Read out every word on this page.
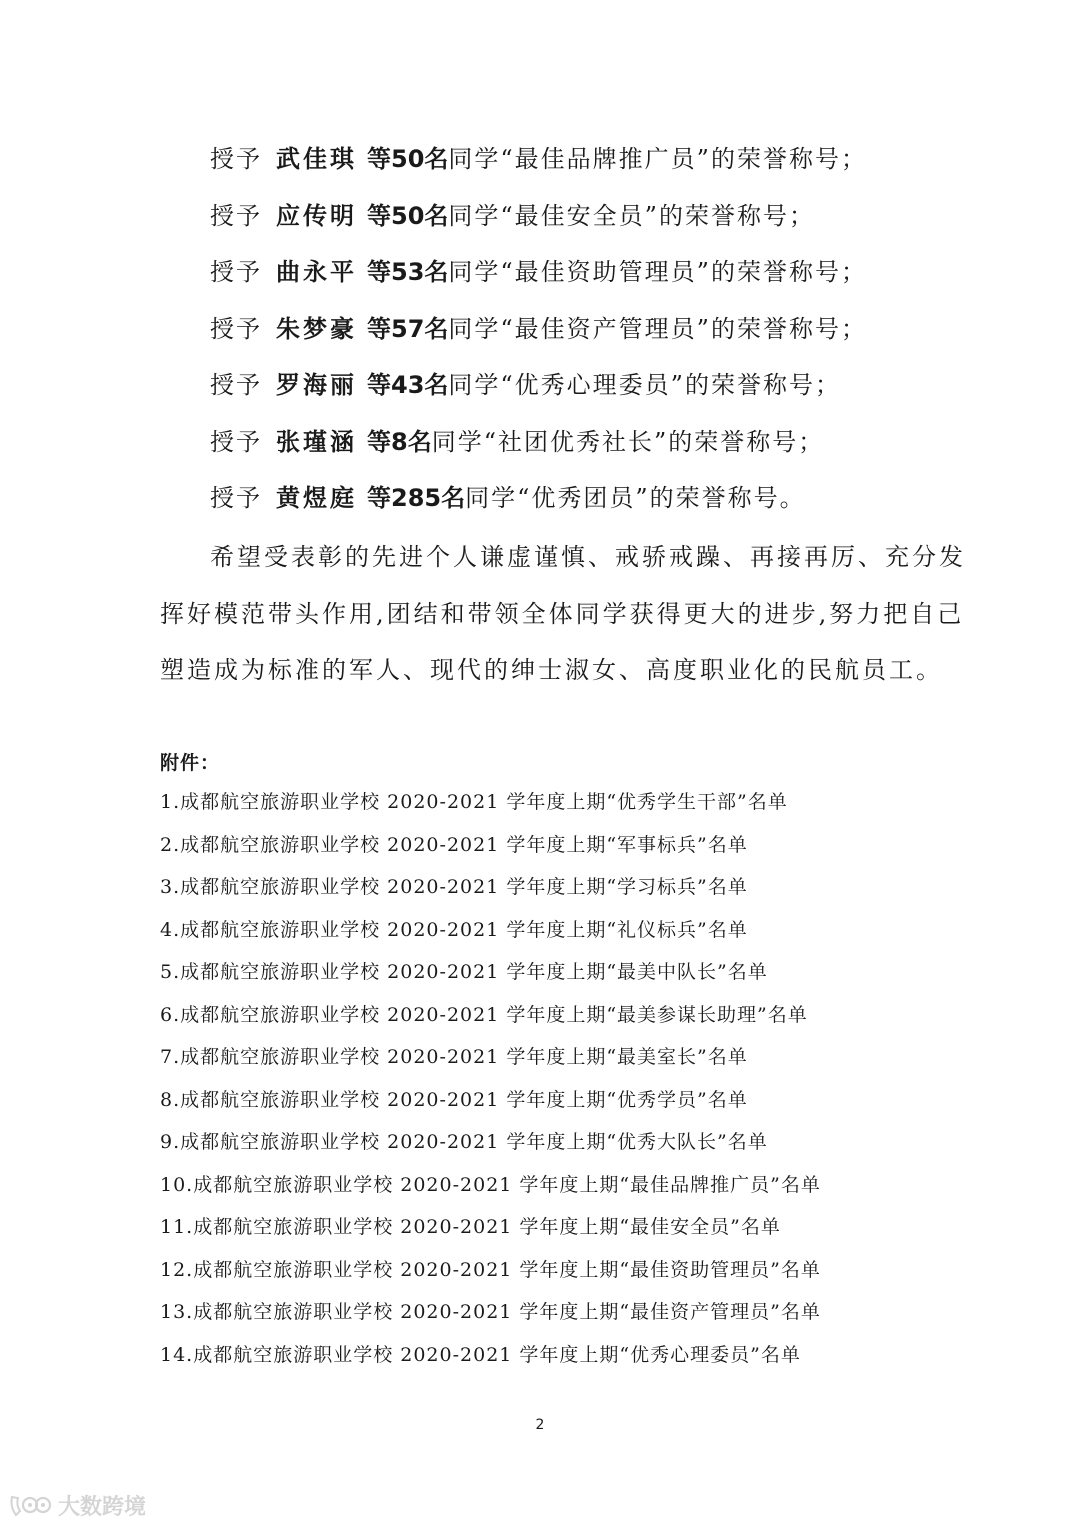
授予 武佳琪 等50名同学“最佳品牌推广员”的荣誉称号；
授予 应传明 等50名同学“最佳安全员”的荣誉称号；
授予 曲永平 等53名同学“最佳资助管理员”的荣誉称号；
授予 朱梦豪 等57名同学“最佳资产管理员”的荣誉称号；
授予 罗海丽 等43名同学“优秀心理委员”的荣誉称号；
授予 张瑾涵 等8名同学“社团优秀社长”的荣誉称号；
授予 黄煜庭 等285名同学“优秀团员”的荣誉称号。

希望受表彰的先进个人谦虚谨慎、戒骄戒躁、再接再厉、充分发

挥好模范带头作用,团结和带领全体同学获得更大的进步,努力把自己

塑造成为标准的军人、现代的绅士淑女、高度职业化的民航员工。

附件：
1.成都航空旅游职业学校 2020-2021 学年度上期“优秀学生干部”名单
2.成都航空旅游职业学校 2020-2021 学年度上期“军事标兵”名单
3.成都航空旅游职业学校 2020-2021 学年度上期“学习标兵”名单
4.成都航空旅游职业学校 2020-2021 学年度上期“礼仪标兵”名单
5.成都航空旅游职业学校 2020-2021 学年度上期“最美中队长”名单
6.成都航空旅游职业学校 2020-2021 学年度上期“最美参谋长助理”名单
7.成都航空旅游职业学校 2020-2021 学年度上期“最美室长”名单
8.成都航空旅游职业学校 2020-2021 学年度上期“优秀学员”名单
9.成都航空旅游职业学校 2020-2021 学年度上期“优秀大队长”名单
10.成都航空旅游职业学校 2020-2021 学年度上期“最佳品牌推广员”名单
11.成都航空旅游职业学校 2020-2021 学年度上期“最佳安全员”名单
12.成都航空旅游职业学校 2020-2021 学年度上期“最佳资助管理员”名单
13.成都航空旅游职业学校 2020-2021 学年度上期“最佳资产管理员”名单
14.成都航空旅游职业学校 2020-2021 学年度上期“优秀心理委员”名单
2
大数跨境
